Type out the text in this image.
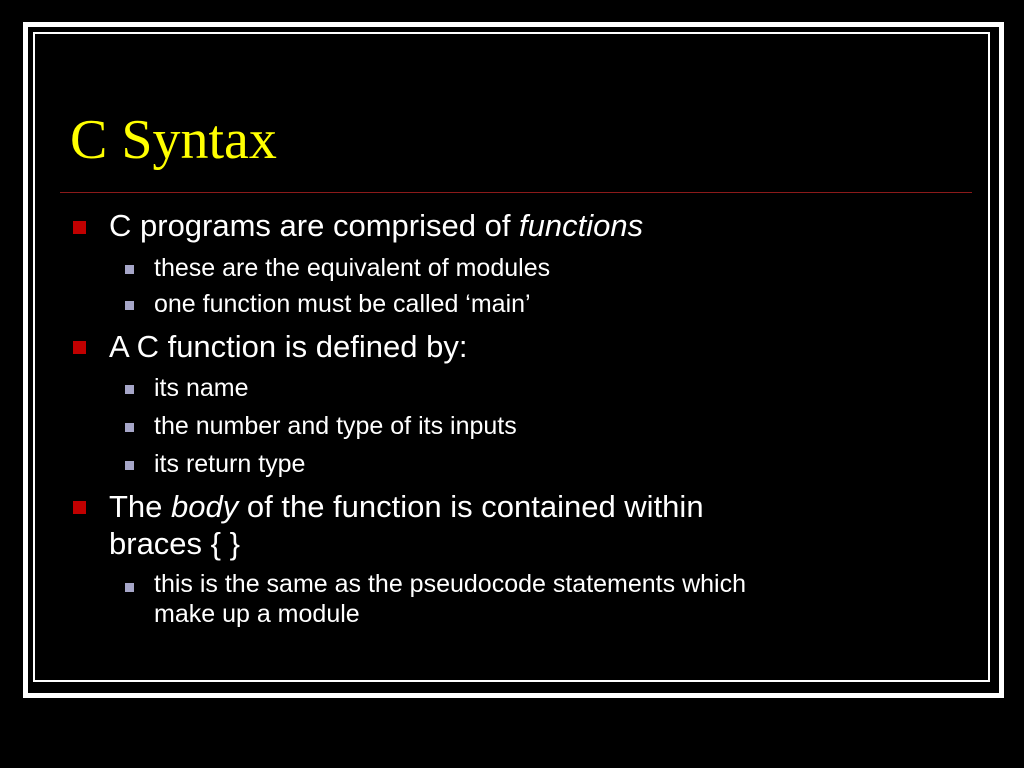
C Syntax
C programs are comprised of functions
these are the equivalent of modules
one function must be called ‘main’
A C function is defined by:
its name
the number and type of its inputs
its return type
The body of the function is contained within
braces { }
this is the same as the pseudocode statements which
make up a module
